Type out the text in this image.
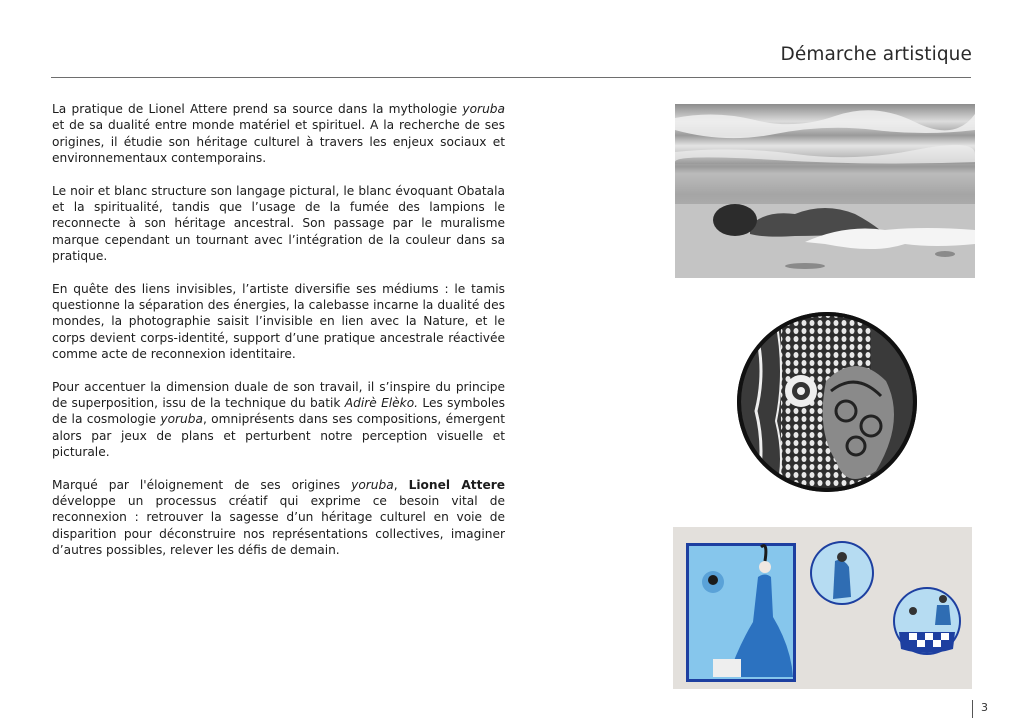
Démarche artistique

La pratique de Lionel Attere prend sa source dans la mythologie yoruba et de sa dualité entre monde matériel et spirituel. A la recherche de ses origines, il étudie son héritage culturel à travers les enjeux sociaux et environnementaux contemporains.

Le noir et blanc structure son langage pictural, le blanc évoquant Obatala et la spiritualité, tandis que l’usage de la fumée des lampions le reconnecte à son héritage ancestral. Son passage par le muralisme marque cependant un tournant avec l’intégration de la couleur dans sa pratique.

En quête des liens invisibles, l’artiste diversifie ses médiums : le tamis questionne la séparation des énergies, la calebasse incarne la dualité des mondes, la photographie saisit l’invisible en lien avec la Nature, et le corps devient corps-identité, support d’une pratique ancestrale réactivée comme acte de reconnexion identitaire.

Pour accentuer la dimension duale de son travail, il s’inspire du principe de superposition, issu de la technique du batik Adirè Elèko. Les symboles de la cosmologie yoruba, omniprésents dans ses compositions, émergent alors par jeux de plans et perturbent notre perception visuelle et picturale.

Marqué par l'éloignement de ses origines yoruba, Lionel Attere développe un processus créatif qui exprime ce besoin vital de reconnexion : retrouver la sagesse d’un héritage culturel en voie de disparition pour déconstruire nos représentations collectives, imaginer d’autres possibles, relever les défis de demain.

3
